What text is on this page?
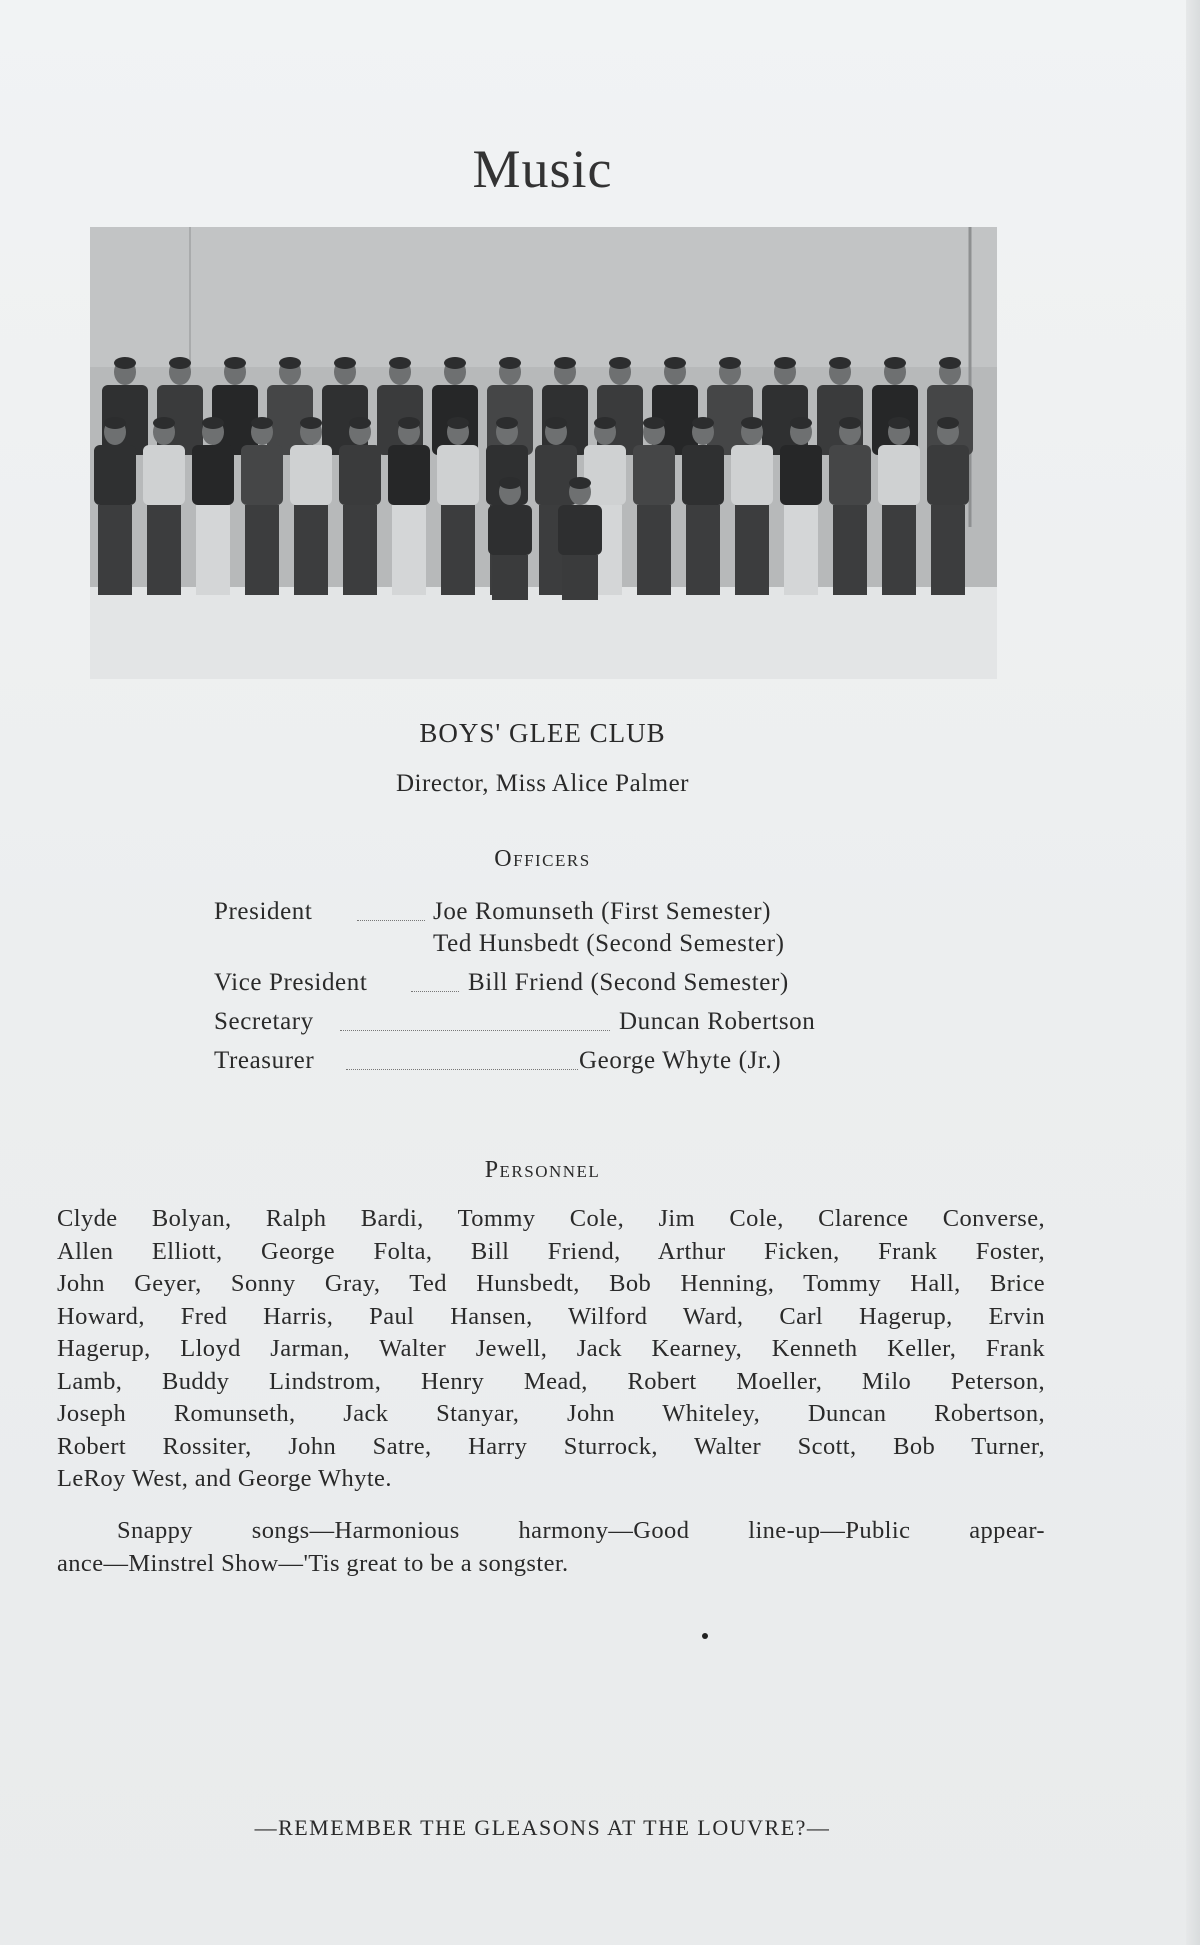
Music
BOYS' GLEE CLUB
Director, Miss Alice Palmer
Officers
President	Joe Romunseth (First Semester)
Ted Hunsbedt (Second Semester)
Vice President	Bill Friend (Second Semester)
Secretary	Duncan Robertson
Treasurer	George Whyte (Jr.)
Personnel
Clyde Bolyan, Ralph Bardi, Tommy Cole, Jim Cole, Clarence Converse,
Allen Elliott, George Folta, Bill Friend, Arthur Ficken, Frank Foster,
John Geyer, Sonny Gray, Ted Hunsbedt, Bob Henning, Tommy Hall, Brice
Howard, Fred Harris, Paul Hansen, Wilford Ward, Carl Hagerup, Ervin
Hagerup, Lloyd Jarman, Walter Jewell, Jack Kearney, Kenneth Keller, Frank
Lamb, Buddy Lindstrom, Henry Mead, Robert Moeller, Milo Peterson,
Joseph Romunseth, Jack Stanyar, John Whiteley, Duncan Robertson,
Robert Rossiter, John Satre, Harry Sturrock, Walter Scott, Bob Turner,
LeRoy West, and George Whyte.
Snappy songs—Harmonious harmony—Good line-up—Public appear-
ance—Minstrel Show—'Tis great to be a songster.
—REMEMBER THE GLEASONS AT THE LOUVRE?—
